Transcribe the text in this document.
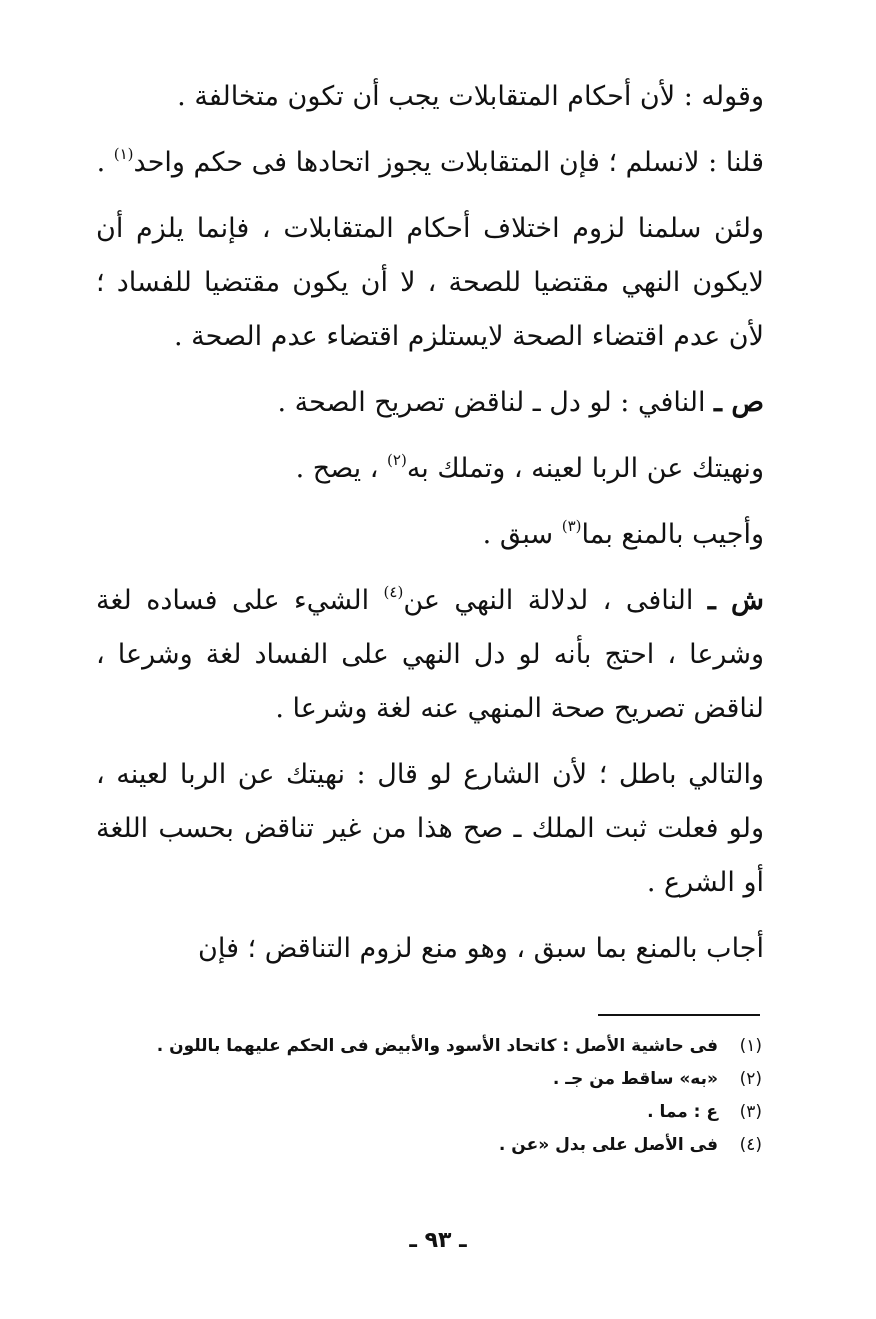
وقوله : لأن أحكام المتقابلات يجب أن تكون متخالفة .

قلنا : لانسلم ؛ فإن المتقابلات يجوز اتحادها فى حكم واحد$^{(١)}$ .

ولئن سلمنا لزوم اختلاف أحكام المتقابلات ، فإنما يلزم أن لايكون النهي مقتضيا للصحة ، لا أن يكون مقتضيا للفساد ؛ لأن عدم اقتضاء الصحة لايستلزم اقتضاء عدم الصحة .

ص ـ النافي : لو دل ـ لناقض تصريح الصحة .

ونهيتك عن الربا لعينه ، وتملك به$^{(٢)}$ ، يصح .

وأجيب بالمنع بما$^{(٣)}$ سبق .

ش ـ النافى ، لدلالة النهي عن$^{(٤)}$ الشيء على فساده لغة وشرعا ، احتج بأنه لو دل النهي على الفساد لغة وشرعا ، لناقض تصريح صحة المنهي عنه لغة وشرعا .

والتالي باطل ؛ لأن الشارع لو قال : نهيتك عن الربا لعينه ، ولو فعلت ثبت الملك ـ صح هذا من غير تناقض بحسب اللغة أو الشرع .

أجاب بالمنع بما سبق ، وهو منع لزوم التناقض ؛ فإن

(١)
فى حاشية الأصل : كاتحاد الأسود والأبيض فى الحكم عليهما باللون .
(٢)
«به» ساقط من جـ .
(٣)
ع : مما .
(٤)
فى الأصل على بدل «عن .
ـ ٩٣ ـ
